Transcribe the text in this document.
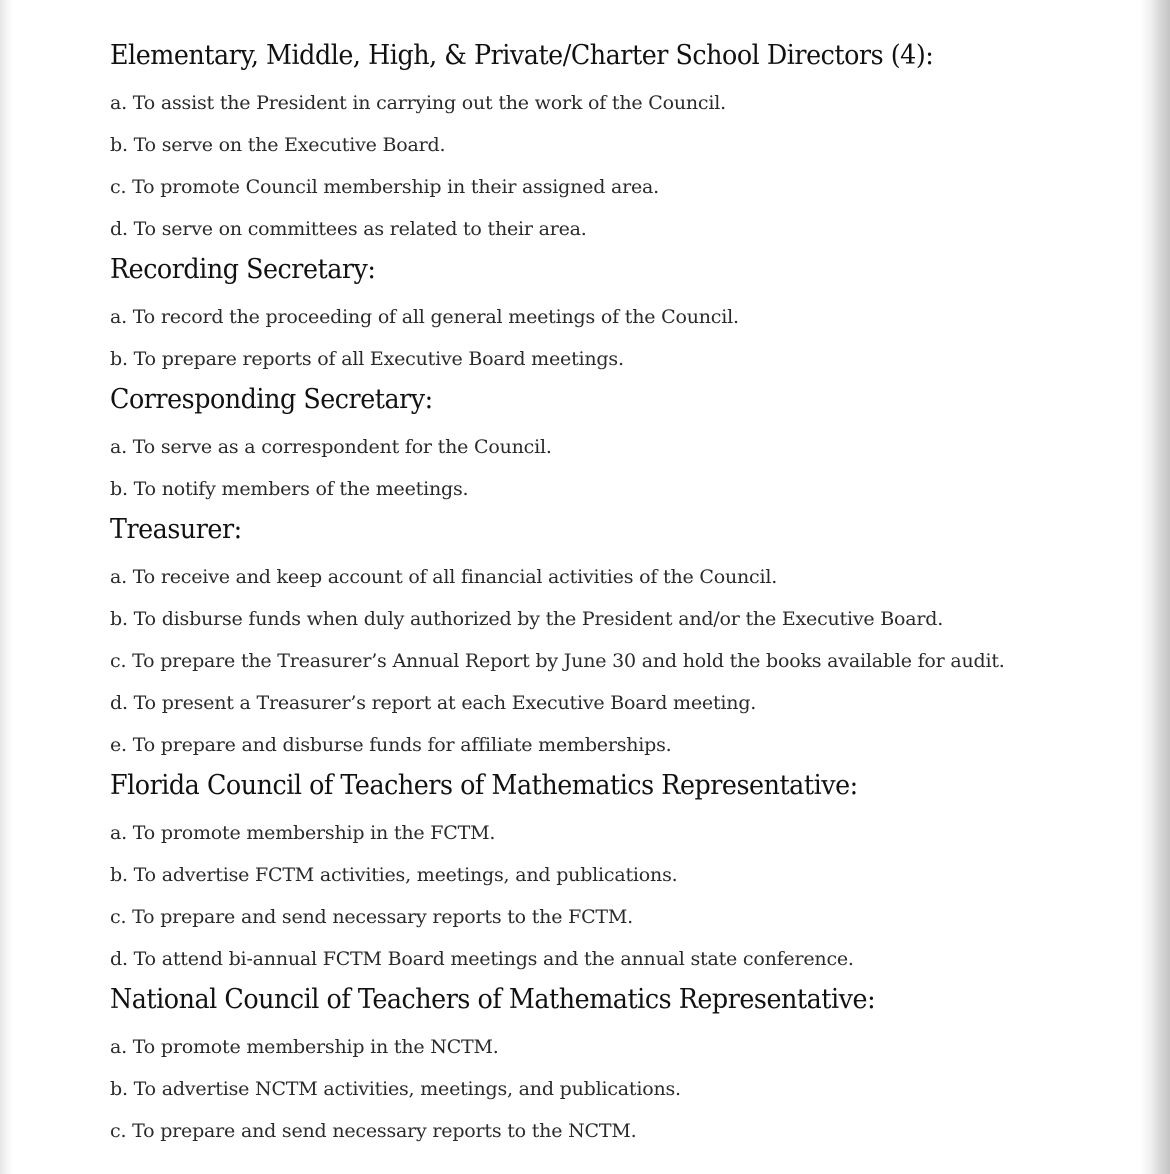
Elementary, Middle, High, & Private/Charter School Directors (4):
a. To assist the President in carrying out the work of the Council.
b. To serve on the Executive Board.
c. To promote Council membership in their assigned area.
d. To serve on committees as related to their area.
Recording Secretary:
a. To record the proceeding of all general meetings of the Council.
b. To prepare reports of all Executive Board meetings.
Corresponding Secretary:
a. To serve as a correspondent for the Council.
b. To notify members of the meetings.
Treasurer:
a. To receive and keep account of all financial activities of the Council.
b. To disburse funds when duly authorized by the President and/or the Executive Board.
c. To prepare the Treasurer’s Annual Report by June 30 and hold the books available for audit.
d. To present a Treasurer’s report at each Executive Board meeting.
e. To prepare and disburse funds for affiliate memberships.
Florida Council of Teachers of Mathematics Representative:
a. To promote membership in the FCTM.
b. To advertise FCTM activities, meetings, and publications.
c. To prepare and send necessary reports to the FCTM.
d. To attend bi-annual FCTM Board meetings and the annual state conference.
National Council of Teachers of Mathematics Representative:
a. To promote membership in the NCTM.
b. To advertise NCTM activities, meetings, and publications.
c. To prepare and send necessary reports to the NCTM.
